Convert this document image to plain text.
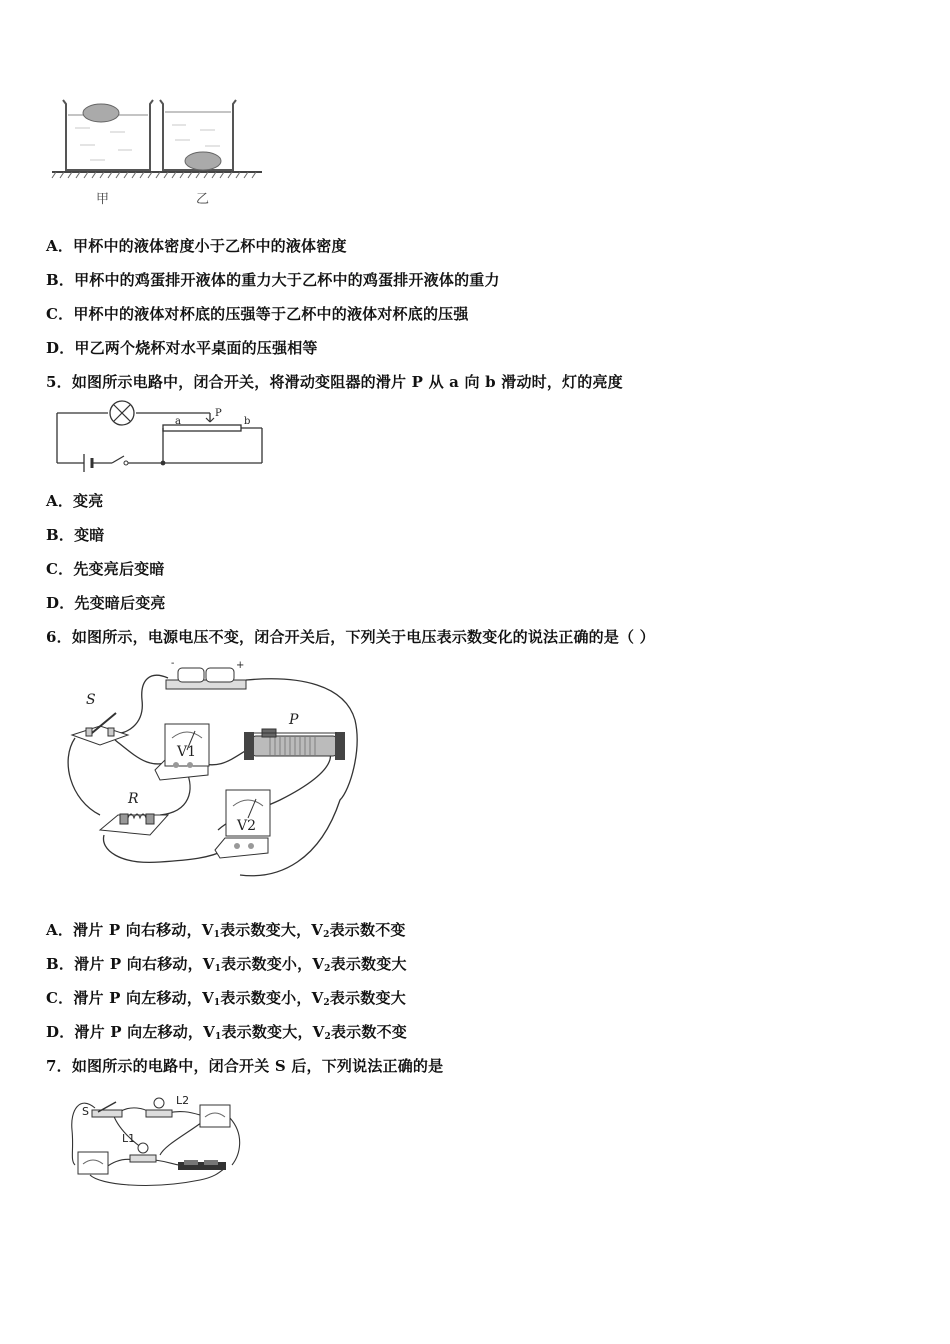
甲	乙
A．甲杯中的液体密度小于乙杯中的液体密度
B．甲杯中的鸡蛋排开液体的重力大于乙杯中的鸡蛋排开液体的重力
C．甲杯中的液体对杯底的压强等于乙杯中的液体对杯底的压强
D．甲乙两个烧杯对水平桌面的压强相等
5．如图所示电路中，闭合开关，将滑动变阻器的滑片 P 从 a 向 b 滑动时，灯的亮度
a
P
b
A．变亮
B．变暗
C．先变亮后变暗
D．先变暗后变亮
6．如图所示，电源电压不变，闭合开关后，下列关于电压表示数变化的说法正确的是（ ）
-	+
S
V1
P
R
V2
A．滑片 P 向右移动，$V_1$表示数变大，$V_2$表示数不变
B．滑片 P 向右移动，$V_1$表示数变小，$V_2$表示数变大
C．滑片 P 向左移动，$V_1$表示数变小，$V_2$表示数变大
D．滑片 P 向左移动，$V_1$表示数变大，$V_2$表示数不变
7．如图所示的电路中，闭合开关 S 后，下列说法正确的是
S
L2
L1
